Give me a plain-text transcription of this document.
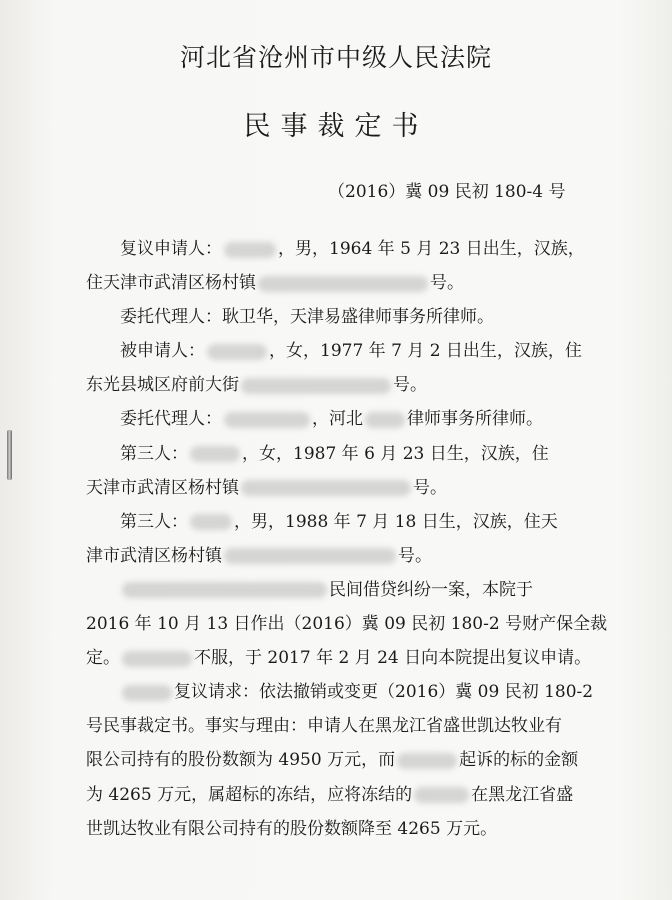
河北省沧州市中级人民法院
民事裁定书
（2016）冀 09 民初 180-4 号
复议申请人：	，男，1964 年 5 月 23 日出生，汉族，
住天津市武清区杨村镇	号。
委托代理人：耿卫华，天津易盛律师事务所律师。
被申请人：	，女，1977 年 7 月 2 日出生，汉族，住
东光县城区府前大街	号。
委托代理人：	，河北	律师事务所律师。
第三人：	，女，1987 年 6 月 23 日生，汉族，住
天津市武清区杨村镇	号。
第三人：	，男，1988 年 7 月 18 日生，汉族，住天
津市武清区杨村镇	号。
民间借贷纠纷一案，本院于
2016 年 10 月 13 日作出（2016）冀 09 民初 180-2 号财产保全裁
定。	不服，于 2017 年 2 月 24 日向本院提出复议申请。
复议请求：依法撤销或变更（2016）冀 09 民初 180-2
号民事裁定书。事实与理由：申请人在黑龙江省盛世凯达牧业有
限公司持有的股份数额为 4950 万元，而	起诉的标的金额
为 4265 万元，属超标的冻结，应将冻结的	在黑龙江省盛
世凯达牧业有限公司持有的股份数额降至 4265 万元。
